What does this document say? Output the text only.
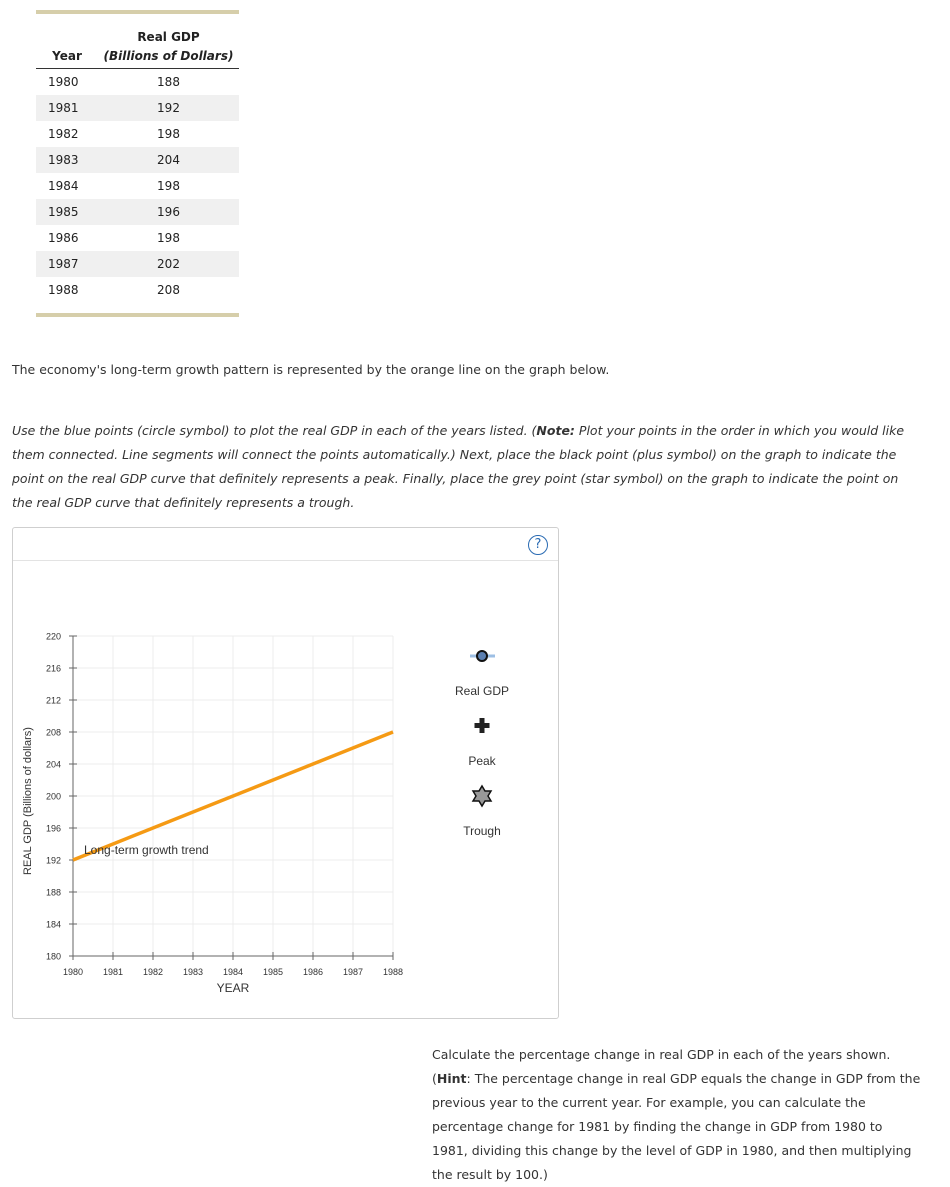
	Real GDP
Year	(Billions of Dollars)
1980	188
1981	192
1982	198
1983	204
1984	198
1985	196
1986	198
1987	202
1988	208

The economy's long-term growth pattern is represented by the orange line on the graph below.

Use the blue points (circle symbol) to plot the real GDP in each of the years listed. (Note: Plot your points in the order in which you would like them connected. Line segments will connect the points automatically.) Next, place the black point (plus symbol) on the graph to indicate the point on the real GDP curve that definitely represents a peak. Finally, place the grey point (star symbol) on the graph to indicate the point on the real GDP curve that definitely represents a trough.

?
180
184
188
192
196
200
204
208
212
216
220
1980 1981 1982 1983 1984 1985 1986 1987 1988
REAL GDP (Billions of dollars)
YEAR
Long-term growth trend
Real GDP
Peak
Trough

Calculate the percentage change in real GDP in each of the years shown. (Hint: The percentage change in real GDP equals the change in GDP from the previous year to the current year. For example, you can calculate the percentage change for 1981 by finding the change in GDP from 1980 to 1981, dividing this change by the level of GDP in 1980, and then multiplying the result by 100.)
